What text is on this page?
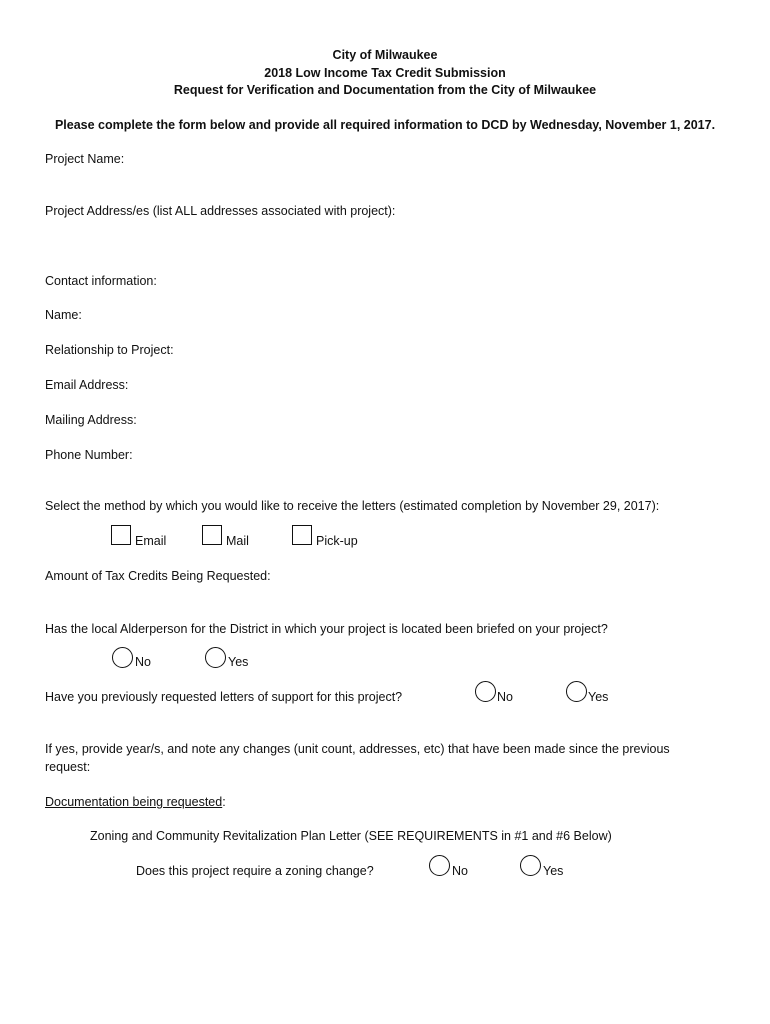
City of Milwaukee
2018 Low Income Tax Credit Submission
Request for Verification and Documentation from the City of Milwaukee
Please complete the form below and provide all required information to DCD by Wednesday, November 1, 2017.
Project Name:
Project Address/es (list ALL addresses associated with project):
Contact information:
Name:
Relationship to Project:
Email Address:
Mailing Address:
Phone Number:
Select the method by which you would like to receive the letters (estimated completion by November 29, 2017):
Email	Mail	Pick-up
Amount of Tax Credits Being Requested:
Has the local Alderperson for the District in which your project is located been briefed on your project?
No	Yes
Have you previously requested letters of support for this project?	No	Yes
If yes, provide year/s, and note any changes (unit count, addresses, etc) that have been made since the previous
request:
Documentation being requested:
Zoning and Community Revitalization Plan Letter (SEE REQUIREMENTS in #1 and #6 Below)
Does this project require a zoning change?	No	Yes
